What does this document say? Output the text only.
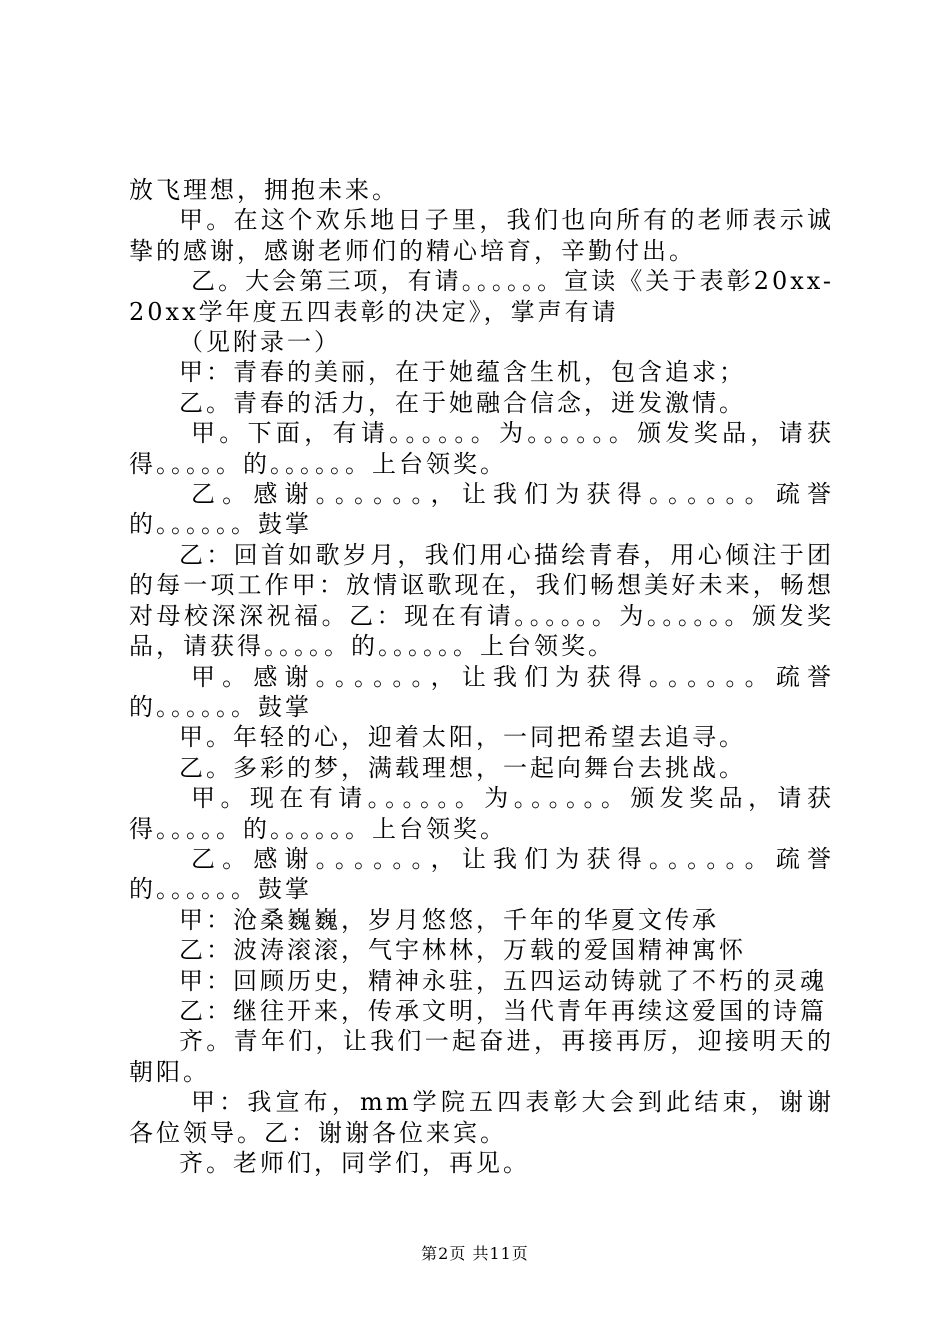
放飞理想，拥抱未来。

甲。在这个欢乐地日子里，我们也向所有的老师表示诚挚的感谢，感谢老师们的精心培育，辛勤付出。

乙。大会第三项，有请。。。。。。宣读《关于表彰20xx-20xx学年度五四表彰的决定》，掌声有请

（见附录一）

甲：青春的美丽，在于她蕴含生机，包含追求；

乙。青春的活力，在于她融合信念，迸发激情。

甲。下面，有请。。。。。。为。。。。。。颁发奖品，请获得。。。。。的。。。。。。上台领奖。

乙。感谢。。。。。。，让我们为获得。。。。。。疏誉的。。。。。。鼓掌

乙：回首如歌岁月，我们用心描绘青春，用心倾注于团的每一项工作甲：放情讴歌现在，我们畅想美好未来，畅想对母校深深祝福。乙：现在有请。。。。。。为。。。。。。颁发奖品，请获得。。。。。的。。。。。。上台领奖。

甲。感谢。。。。。。，让我们为获得。。。。。。疏誉的。。。。。。鼓掌

甲。年轻的心，迎着太阳，一同把希望去追寻。

乙。多彩的梦，满载理想，一起向舞台去挑战。

甲。现在有请。。。。。。为。。。。。。颁发奖品，请获得。。。。。的。。。。。。上台领奖。

乙。感谢。。。。。。，让我们为获得。。。。。。疏誉的。。。。。。鼓掌

甲：沧桑巍巍，岁月悠悠，千年的华夏文传承

乙：波涛滚滚，气宇林林，万载的爱国精神寓怀

甲：回顾历史，精神永驻，五四运动铸就了不朽的灵魂

乙：继往开来，传承文明，当代青年再续这爱国的诗篇

齐。青年们，让我们一起奋进，再接再厉，迎接明天的朝阳。

甲：我宣布，mm学院五四表彰大会到此结束，谢谢各位领导。乙：谢谢各位来宾。

齐。老师们，同学们，再见。

第2页 共11页
